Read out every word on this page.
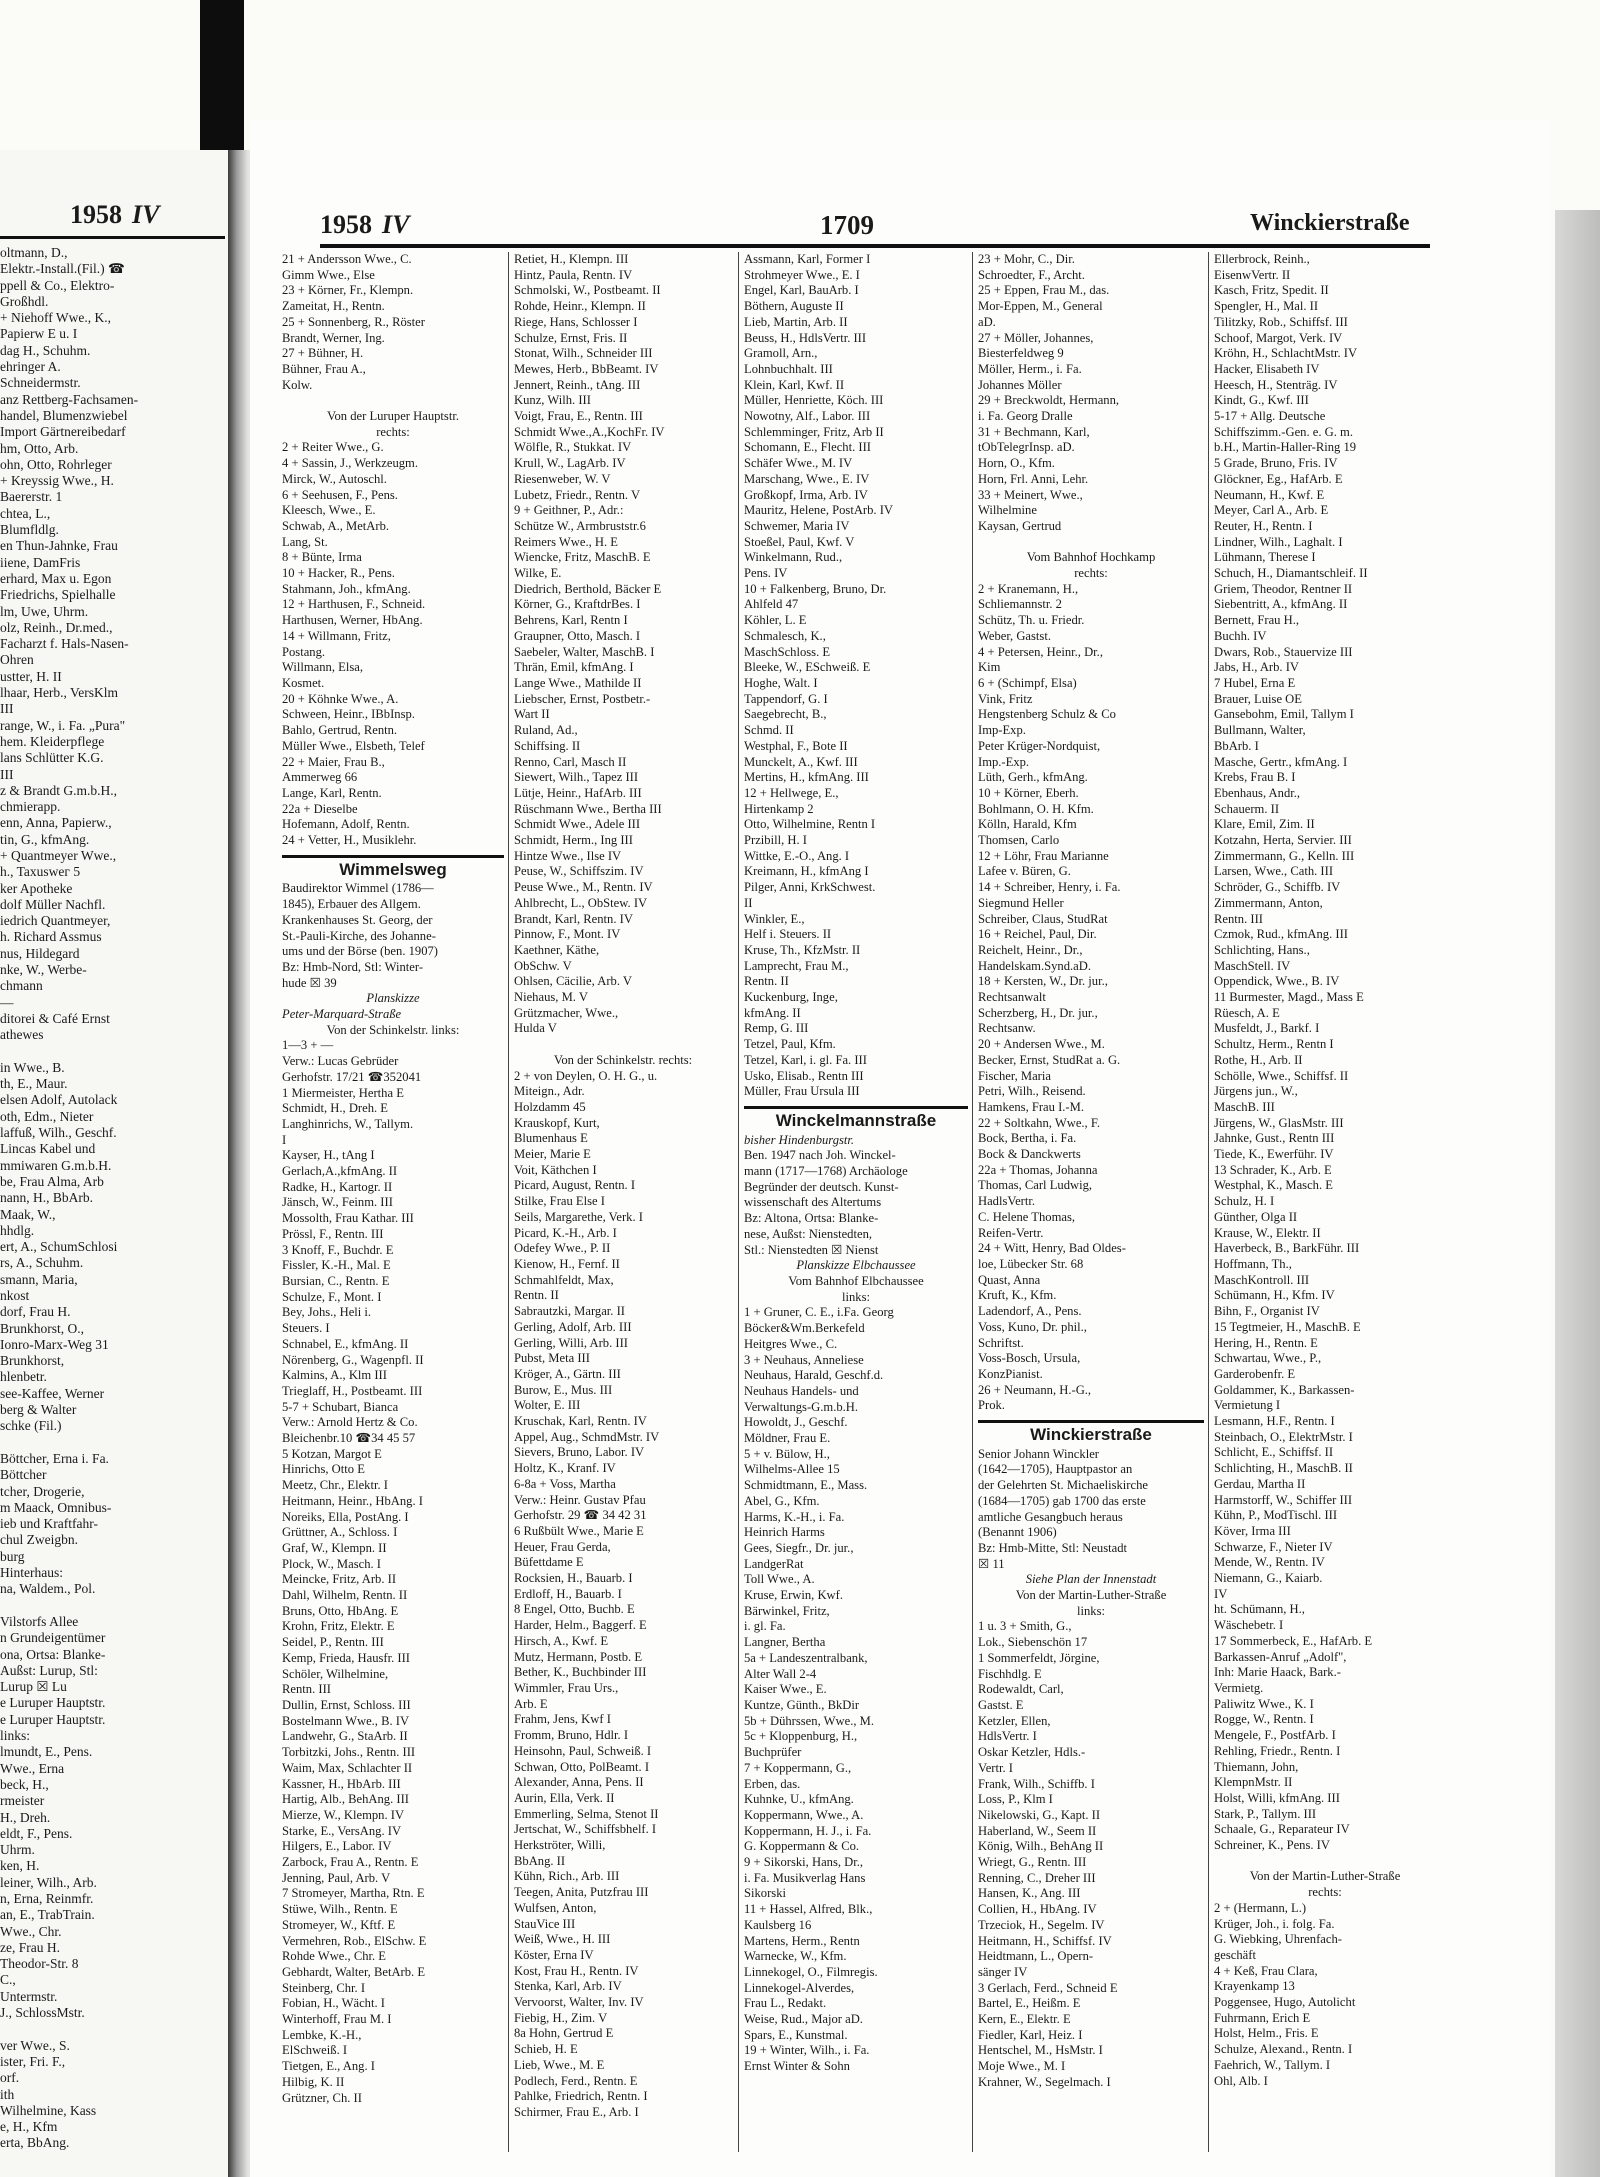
1958 IV
oltmann, D.,
Elektr.-Install.(Fil.) ☎
ppell & Co., Elektro-
Großhdl.
+ Niehoff Wwe., K.,
Papierw E u. I
dag H., Schuhm.
ehringer A.
Schneidermstr.
anz Rettberg-Fachsamen-
handel, Blumenzwiebel
Import Gärtnereibedarf
hm, Otto, Arb.
ohn, Otto, Rohrleger
+ Kreyssig Wwe., H.
Baererstr. 1
chtea, L.,
Blumfldlg.
en Thun-Jahnke, Frau
iiene, DamFris
erhard, Max u. Egon
Friedrichs, Spielhalle
lm, Uwe, Uhrm.
olz, Reinh., Dr.med.,
Facharzt f. Hals-Nasen-
Ohren
ustter, H. II
lhaar, Herb., VersKlm
III
range, W., i. Fa. „Pura"
hem. Kleiderpflege
lans Schlütter K.G.
III
z & Brandt G.m.b.H.,
chmierapp.
enn, Anna, Papierw.,
tin, G., kfmAng.
+ Quantmeyer Wwe.,
h., Taxuswег 5
ker Apotheke
dolf Müller Nachfl.
iedrich Quantmeyer,
h. Richard Assmus
nus, Hildegard
nke, W., Werbe-
chmann
—
ditorei & Café Ernst
athewes

in Wwe., B.
th, E., Maur.
elsen Adolf, Autolack
oth, Edm., Nieter
laffuß, Wilh., Geschf.
Lincas Kabel und
mmiwaren G.m.b.H.
be, Frau Alma, Arb
nann, H., BbArb.
Maak, W.,
hhdlg.
ert, A., SchumSchlosi
rs, A., Schuhm.
smann, Maria,
nkost
dorf, Frau H.
Brunkhorst, O.,
Ionro-Marx-Weg 31
Brunkhorst,
hlenbetr.
see-Kaffee, Werner
berg & Walter
schke (Fil.)

Böttcher, Erna i. Fa.
Böttcher
tcher, Drogerie,
m Maack, Omnibus-
ieb und Kraftfahr-
chul Zweigbn.
burg
Hinterhaus:
na, Waldem., Pol.

Vilstorfs Allee
n Grundeigentümer
ona, Ortsa: Blanke-
Außst: Lurup, Stl:
Lurup ☒ Lu
e Luruper Hauptstr.
e Luruper Hauptstr.
links:
lmundt, E., Pens.
Wwe., Erna
beck, H.,
rmeister
H., Dreh.
eldt, F., Pens.
Uhrm.
ken, H.
leiner, Wilh., Arb.
n, Erna, Reinmfr.
an, E., TrabTrain.
Wwe., Chr.
ze, Frau H.
Theodor-Str. 8
C.,
Untermstr.
J., SchlossMstr.

ver Wwe., S.
ister, Fri. F.,
orf.
ith
Wilhelmine, Kass
e, H., Kfm
erta, BbAng.
1958 IV	1709	Winckierstraße
21 + Andersson Wwe., C.
Gimm Wwe., Else
23 + Körner, Fr., Klempn.
Zameitat, H., Rentn.
25 + Sonnenberg, R., Röster
Brandt, Werner, Ing.
27 + Bühner, H.
Bühner, Frau A.,
Kolw.

Von der Luruper Hauptstr.
rechts:
2 + Reiter Wwe., G.
4 + Sassin, J., Werkzeugm.
Mirck, W., Autoschl.
6 + Seehusen, F., Pens.
Kleesch, Wwe., E.
Schwab, A., MetArb.
Lang, St.
8 + Bünte, Irma
10 + Hacker, R., Pens.
Stahmann, Joh., kfmAng.
12 + Harthusen, F., Schneid.
Harthusen, Werner, HbAng.
14 + Willmann, Fritz,
Postang.
Willmann, Elsa,
Kosmet.
20 + Köhnke Wwe., A.
Schween, Heinr., IBbInsp.
Bahlo, Gertrud, Rentn.
Müller Wwe., Elsbeth, Telef
22 + Maier, Frau B.,
Ammerweg 66
Lange, Karl, Rentn.
22a + Dieselbe
Hofemann, Adolf, Rentn.
24 + Vetter, H., Musiklehr.
Wimmelsweg
Baudirektor Wimmel (1786—
1845), Erbauer des Allgem.
Krankenhauses St. Georg, der
St.-Pauli-Kirche, des Johanne-
ums und der Börse (ben. 1907)
Bz: Hmb-Nord, Stl: Winter-
hude ☒ 39
Planskizze
Peter-Marquard-Straße
Von der Schinkelstr. links:
1—3 + —
Verw.: Lucas Gebrüder
Gerhofstr. 17/21 ☎352041
1 Miermeister, Hertha E
Schmidt, H., Dreh. E
Langhinrichs, W., Tallym.
I
Kayser, H., tAng I
Gerlach,A.,kfmAng. II
Radke, H., Kartogr. II
Jänsch, W., Feinm. III
Mossolth, Frau Kathar. III
Prössl, F., Rentn. III
3 Knoff, F., Buchdr. E
Fissler, K.-H., Mal. E
Bursian, C., Rentn. E
Schulze, F., Mont. I
Bey, Johs., Heli i.
Steuers. I
Schnabel, E., kfmAng. II
Nörenberg, G., Wagenpfl. II
Kalmins, A., Klm III
Trieglaff, H., Postbeamt. III
5-7 + Schubart, Bianca
Verw.: Arnold Hertz & Co.
Bleichenbr.10 ☎34 45 57
5 Kotzan, Margot E
Hinrichs, Otto E
Meetz, Chr., Elektr. I
Heitmann, Heinr., HbAng. I
Noreiks, Ella, PostAng. I
Grüttner, A., Schloss. I
Graf, W., Klempn. II
Plock, W., Masch. I
Meincke, Fritz, Arb. II
Dahl, Wilhelm, Rentn. II
Bruns, Otto, HbAng. E
Krohn, Fritz, Elektr. E
Seidel, P., Rentn. III
Kemp, Frieda, Hausfr. III
Schöler, Wilhelmine,
Rentn. III
Dullin, Ernst, Schloss. III
Bostelmann Wwe., B. IV
Landwehr, G., StaArb. II
Torbitzki, Johs., Rentn. III
Waim, Max, Schlachter II
Kassner, H., HbArb. III
Hartig, Alb., BehAng. III
Mierze, W., Klempn. IV
Starke, E., VersAng. IV
Hilgers, E., Labor. IV
Zarbock, Frau A., Rentn. E
Jenning, Paul, Arb. V
7 Stromeyer, Martha, Rtn. E
Stüwe, Wilh., Rentn. E
Stromeyer, W., Kftf. E
Vermehren, Rob., ElSchw. E
Rohde Wwe., Chr. E
Gebhardt, Walter, BetArb. E
Steinberg, Chr. I
Fobian, H., Wächt. I
Winterhoff, Frau M. I
Lembke, K.-H.,
ElSchweiß. I
Tietgen, E., Ang. I
Hilbig, K. II
Grützner, Ch. II
Retiet, H., Klempn. III
Hintz, Paula, Rentn. IV
Schmolski, W., Postbeamt. II
Rohde, Heinr., Klempn. II
Riege, Hans, Schlosser I
Schulze, Ernst, Fris. II
Stonat, Wilh., Schneider III
Mewes, Herb., BbBeamt. IV
Jennert, Reinh., tAng. III
Kunz, Wilh. III
Voigt, Frau, E., Rentn. III
Schmidt Wwe.,A.,KochFr. IV
Wölfle, R., Stukkat. IV
Krull, W., LagArb. IV
Riesenweber, W. V
Lubetz, Friedr., Rentn. V
9 + Geithner, P., Adr.:
Schütze W., Armbruststr.6
Reimers Wwe., H. E
Wiencke, Fritz, MaschB. E
Wilke, E.
Diedrich, Berthold, Bäcker E
Körner, G., KraftdrBes. I
Behrens, Karl, Rentn I
Graupner, Otto, Masch. I
Saebeler, Walter, MaschB. I
Thrän, Emil, kfmAng. I
Lange Wwe., Mathilde II
Liebscher, Ernst, Postbetr.-
Wart II
Ruland, Ad.,
Schiffsing. II
Renno, Carl, Masch II
Siewert, Wilh., Tapez III
Lütje, Heinr., HafArb. III
Rüschmann Wwe., Bertha III
Schmidt Wwe., Adele III
Schmidt, Herm., Ing III
Hintze Wwe., Ilse IV
Peuse, W., Schiffszim. IV
Peuse Wwe., M., Rentn. IV
Ahlbrecht, L., ObStew. IV
Brandt, Karl, Rentn. IV
Pinnow, F., Mont. IV
Kaethner, Käthe,
ObSchw. V
Ohlsen, Cäcilie, Arb. V
Niehaus, M. V
Grützmacher, Wwe.,
Hulda V

Von der Schinkelstr. rechts:
2 + von Deylen, O. H. G., u.
Miteign., Adr.
Holzdamm 45
Krauskopf, Kurt,
Blumenhaus E
Meier, Marie E
Voit, Käthchen I
Picard, August, Rentn. I
Stilke, Frau Else I
Seils, Margarethe, Verk. I
Picard, K.-H., Arb. I
Odefey Wwe., P. II
Kienow, H., Fernf. II
Schmahlfeldt, Max,
Rentn. II
Sabrautzki, Margar. II
Gerling, Adolf, Arb. III
Gerling, Willi, Arb. III
Pubst, Meta III
Kröger, A., Gärtn. III
Burow, E., Mus. III
Wolter, E. III
Kruschak, Karl, Rentn. IV
Appel, Aug., SchmdMstr. IV
Sievers, Bruno, Labor. IV
Holtz, K., Kranf. IV
6-8a + Voss, Martha
Verw.: Heinr. Gustav Pfau
Gerhofstr. 29 ☎ 34 42 31
6 Rußbült Wwe., Marie E
Heuer, Frau Gerda,
Büfettdame E
Rocksien, H., Bauarb. I
Erdloff, H., Bauarb. I
8 Engel, Otto, Buchb. E
Harder, Helm., Baggerf. E
Hirsch, A., Kwf. E
Mutz, Hermann, Postb. E
Bether, K., Buchbinder III
Wimmler, Frau Urs.,
Arb. E
Frahm, Jens, Kwf I
Fromm, Bruno, Hdlr. I
Heinsohn, Paul, Schweiß. I
Schwan, Otto, PolBeamt. I
Alexander, Anna, Pens. II
Aurin, Ella, Verk. II
Emmerling, Selma, Stenot II
Jertschat, W., Schiffsbhelf. I
Herkströter, Willi,
BbAng. II
Kühn, Rich., Arb. III
Teegen, Anita, Putzfrau III
Wulfsen, Anton,
StauVice III
Weiß, Wwe., H. III
Köster, Erna IV
Kost, Frau H., Rentn. IV
Stenka, Karl, Arb. IV
Vervoorst, Walter, Inv. IV
Fiebig, H., Zim. V
8a Hohn, Gertrud E
Schieb, H. E
Lieb, Wwe., M. E
Podlech, Ferd., Rentn. E
Pahlke, Friedrich, Rentn. I
Schirmer, Frau E., Arb. I
Assmann, Karl, Former I
Strohmeyer Wwe., E. I
Engel, Karl, BauArb. I
Böthern, Auguste II
Lieb, Martin, Arb. II
Beuss, H., HdlsVertr. III
Gramoll, Arn.,
Lohnbuchhalt. III
Klein, Karl, Kwf. II
Müller, Henriette, Köch. III
Nowotny, Alf., Labor. III
Schlemminger, Fritz, Arb II
Schomann, E., Flecht. III
Schäfer Wwe., M. IV
Marschang, Wwe., E. IV
Großkopf, Irma, Arb. IV
Mauritz, Helene, PostArb. IV
Schwemer, Maria IV
Stoeßel, Paul, Kwf. V
Winkelmann, Rud.,
Pens. IV
10 + Falkenberg, Bruno, Dr.
Ahlfeld 47
Köhler, L. E
Schmalesch, K.,
MaschSchloss. E
Bleeke, W., ESchweiß. E
Hoghe, Walt. I
Tappendorf, G. I
Saegebrecht, B.,
Schmd. II
Westphal, F., Bote II
Munckelt, A., Kwf. III
Mertins, H., kfmAng. III
12 + Hellwege, E.,
Hirtenkamp 2
Otto, Wilhelmine, Rentn I
Przibill, H. I
Wittke, E.-O., Ang. I
Kreimann, H., kfmAng I
Pilger, Anni, KrkSchwest.
II
Winkler, E.,
Helf i. Steuers. II
Kruse, Th., KfzMstr. II
Lamprecht, Frau M.,
Rentn. II
Kuckenburg, Inge,
kfmAng. II
Remp, G. III
Tetzel, Paul, Kfm.
Tetzel, Karl, i. gl. Fa. III
Usko, Elisab., Rentn III
Müller, Frau Ursula III
Winckelmannstraße
bisher Hindenburgstr.
Ben. 1947 nach Joh. Winckel-
mann (1717—1768) Archäologe
Begründer der deutsch. Kunst-
wissenschaft des Altertums
Bz: Altona, Ortsa: Blanke-
nese, Außst: Nienstedten,
Stl.: Nienstedten ☒ Nienst
Planskizze Elbchaussee
Vom Bahnhof Elbchaussee
links:
1 + Gruner, C. E., i.Fa. Georg
Böcker&Wm.Berkefeld
Heitgres Wwe., C.
3 + Neuhaus, Anneliese
Neuhaus, Harald, Geschf.d.
Neuhaus Handels- und
Verwaltungs-G.m.b.H.
Howoldt, J., Geschf.
Möldner, Frau E.
5 + v. Bülow, H.,
Wilhelms-Allee 15
Schmidtmann, E., Mass.
Abel, G., Kfm.
Harms, K.-H., i. Fa.
Heinrich Harms
Gees, Siegfr., Dr. jur.,
LandgerRat
Toll Wwe., A.
Kruse, Erwin, Kwf.
Bärwinkel, Fritz,
i. gl. Fa.
Langner, Bertha
5a + Landeszentralbank,
Alter Wall 2-4
Kaiser Wwe., E.
Kuntze, Günth., BkDir
5b + Dührssen, Wwe., M.
5c + Kloppenburg, H.,
Buchprüfer
7 + Koppermann, G.,
Erben, das.
Kuhnke, U., kfmAng.
Koppermann, Wwe., A.
Koppermann, H. J., i. Fa.
G. Koppermann & Co.
9 + Sikorski, Hans, Dr.,
i. Fa. Musikverlag Hans
Sikorski
11 + Hassel, Alfred, Blk.,
Kaulsberg 16
Martens, Herm., Rentn
Warnecke, W., Kfm.
Linnekogel, O., Filmregis.
Linnekogel-Alverdes,
Frau L., Redakt.
Weise, Rud., Major aD.
Spars, E., Kunstmal.
19 + Winter, Wilh., i. Fa.
Ernst Winter & Sohn
23 + Mohr, C., Dir.
Schroedter, F., Archt.
25 + Eppen, Frau M., das.
Mor-Eppen, M., General
aD.
27 + Möller, Johannes,
Biesterfeldweg 9
Möller, Herm., i. Fa.
Johannes Möller
29 + Breckwoldt, Hermann,
i. Fa. Georg Dralle
31 + Bechmann, Karl,
tObTelegrInsp. aD.
Horn, O., Kfm.
Horn, Frl. Anni, Lehr.
33 + Meinert, Wwe.,
Wilhelmine
Kaysan, Gertrud

Vom Bahnhof Hochkamp
rechts:
2 + Kranemann, H.,
Schliemannstr. 2
Schütz, Th. u. Friedr.
Weber, Gastst.
4 + Petersen, Heinr., Dr.,
Kim
6 + (Schimpf, Elsa)
Vink, Fritz
Hengstenberg Schulz & Co
Imp-Exp.
Peter Krüger-Nordquist,
Imp.-Exp.
Lüth, Gerh., kfmAng.
10 + Körner, Eberh.
Bohlmann, O. H. Kfm.
Kölln, Harald, Kfm
Thomsen, Carlo
12 + Löhr, Frau Marianne
Lafee v. Büren, G.
14 + Schreiber, Henry, i. Fa.
Siegmund Heller
Schreiber, Claus, StudRat
16 + Reichel, Paul, Dir.
Reichelt, Heinr., Dr.,
Handelskam.Synd.aD.
18 + Kersten, W., Dr. jur.,
Rechtsanwalt
Scherzberg, H., Dr. jur.,
Rechtsanw.
20 + Andersen Wwe., M.
Becker, Ernst, StudRat a. G.
Fischer, Maria
Petri, Wilh., Reisend.
Hamkens, Frau I.-M.
22 + Soltkahn, Wwe., F.
Bock, Bertha, i. Fa.
Bock & Danckwerts
22a + Thomas, Johanna
Thomas, Carl Ludwig,
HadlsVertr.
C. Helene Thomas,
Reifen-Vertr.
24 + Witt, Henry, Bad Oldes-
loe, Lübecker Str. 68
Quast, Anna
Kruft, K., Kfm.
Ladendorf, A., Pens.
Voss, Kuno, Dr. phil.,
Schriftst.
Voss-Bosch, Ursula,
KonzPianist.
26 + Neumann, H.-G.,
Prok.
Winckierstraße
Senior Johann Winckler
(1642—1705), Hauptpastor an
der Gelehrten St. Michaeliskirche
(1684—1705) gab 1700 das erste
amtliche Gesangbuch heraus
(Benannt 1906)
Bz: Hmb-Mitte, Stl: Neustadt
☒ 11
Siehe Plan der Innenstadt
Von der Martin-Luther-Straße
links:
1 u. 3 + Smith, G.,
Lok., Siebenschön 17
1 Sommerfeldt, Jörgine,
Fischhdlg. E
Rodewaldt, Carl,
Gastst. E
Ketzler, Ellen,
HdlsVertr. I
Oskar Ketzler, Hdls.-
Vertr. I
Frank, Wilh., Schiffb. I
Loss, P., Klm I
Nikelowski, G., Kapt. II
Haberland, W., Seem II
König, Wilh., BehAng II
Wriegt, G., Rentn. III
Renning, C., Dreher III
Hansen, K., Ang. III
Collien, H., HbAng. IV
Trzeciok, H., Segelm. IV
Heitmann, H., Schiffsf. IV
Heidtmann, L., Opern-
sänger IV
3 Gerlach, Ferd., Schneid E
Bartel, E., Heißm. E
Kern, E., Elektr. E
Fiedler, Karl, Heiz. I
Hentschel, M., HsMstr. I
Moje Wwe., M. I
Krahner, W., Segelmach. I
Ellerbrock, Reinh.,
EisenwVertr. II
Kasch, Fritz, Spedit. II
Spengler, H., Mal. II
Tilitzky, Rob., Schiffsf. III
Schoof, Margot, Verk. IV
Kröhn, H., SchlachtMstr. IV
Hacker, Elisabeth IV
Heesch, H., Stenträg. IV
Kindt, G., Kwf. III
5-17 + Allg. Deutsche
Schiffszimm.-Gen. e. G. m.
b.H., Martin-Haller-Ring 19
5 Grade, Bruno, Fris. IV
Glöckner, Eg., HafArb. E
Neumann, H., Kwf. E
Meyer, Carl A., Arb. E
Reuter, H., Rentn. I
Lindner, Wilh., Laghalt. I
Lühmann, Therese I
Schuch, H., Diamantschleif. II
Griem, Theodor, Rentner II
Siebentritt, A., kfmAng. II
Bernett, Frau H.,
Buchh. IV
Dwars, Rob., Stauervize III
Jabs, H., Arb. IV
7 Hubel, Erna E
Brauer, Luise OE
Gansebohm, Emil, Tallym I
Bullmann, Walter,
BbArb. I
Masche, Gertr., kfmAng. I
Krebs, Frau B. I
Ebenhaus, Andr.,
Schauerm. II
Klare, Emil, Zim. II
Kotzahn, Herta, Servier. III
Zimmermann, G., Kelln. III
Larsen, Wwe., Cath. III
Schröder, G., Schiffb. IV
Zimmermann, Anton,
Rentn. III
Czmok, Rud., kfmAng. III
Schlichting, Hans.,
MaschStell. IV
Oppendick, Wwe., B. IV
11 Burmester, Magd., Mass E
Rüesch, A. E
Musfeldt, J., Barkf. I
Schultz, Herm., Rentn I
Rothe, H., Arb. II
Schölle, Wwe., Schiffsf. II
Jürgens jun., W.,
MaschB. III
Jürgens, W., GlasMstr. III
Jahnke, Gust., Rentn III
Tiede, K., Ewerführ. IV
13 Schrader, K., Arb. E
Westphal, K., Masch. E
Schulz, H. I
Günther, Olga II
Krause, W., Elektr. II
Haverbeck, B., BarkFühr. III
Hoffmann, Th.,
MaschKontroll. III
Schümann, H., Kfm. IV
Bihn, F., Organist IV
15 Tegtmeier, H., MaschB. E
Hering, H., Rentn. E
Schwartau, Wwe., P.,
Garderobenfr. E
Goldammer, K., Barkassen-
Vermietung I
Lesmann, H.F., Rentn. I
Steinbach, O., ElektrMstr. I
Schlicht, E., Schiffsf. II
Schlichting, H., MaschB. II
Gerdau, Martha II
Harmstorff, W., Schiffer III
Kühn, P., ModTischl. III
Köver, Irma III
Schwarze, F., Nieter IV
Mende, W., Rentn. IV
Niemann, G., Kaiarb.
IV
ht. Schümann, H.,
Wäschebetr. I
17 Sommerbeck, E., HafArb. E
Barkassen-Anruf „Adolf",
Inh: Marie Haack, Bark.-
Vermietg.
Paliwitz Wwe., K. I
Rogge, W., Rentn. I
Mengele, F., PostfArb. I
Rehling, Friedr., Rentn. I
Thiemann, John,
KlempnMstr. II
Holst, Willi, kfmAng. III
Stark, P., Tallym. III
Schaale, G., Reparateur IV
Schreiner, K., Pens. IV

Von der Martin-Luther-Straße
rechts:
2 + (Hermann, L.)
Krüger, Joh., i. folg. Fa.
G. Wiebking, Uhrenfach-
geschäft
4 + Keß, Frau Clara,
Krayenkamp 13
Poggensee, Hugo, Autolicht
Fuhrmann, Erich E
Holst, Helm., Fris. E
Schulze, Alexand., Rentn. I
Faehrich, W., Tallym. I
Ohl, Alb. I
